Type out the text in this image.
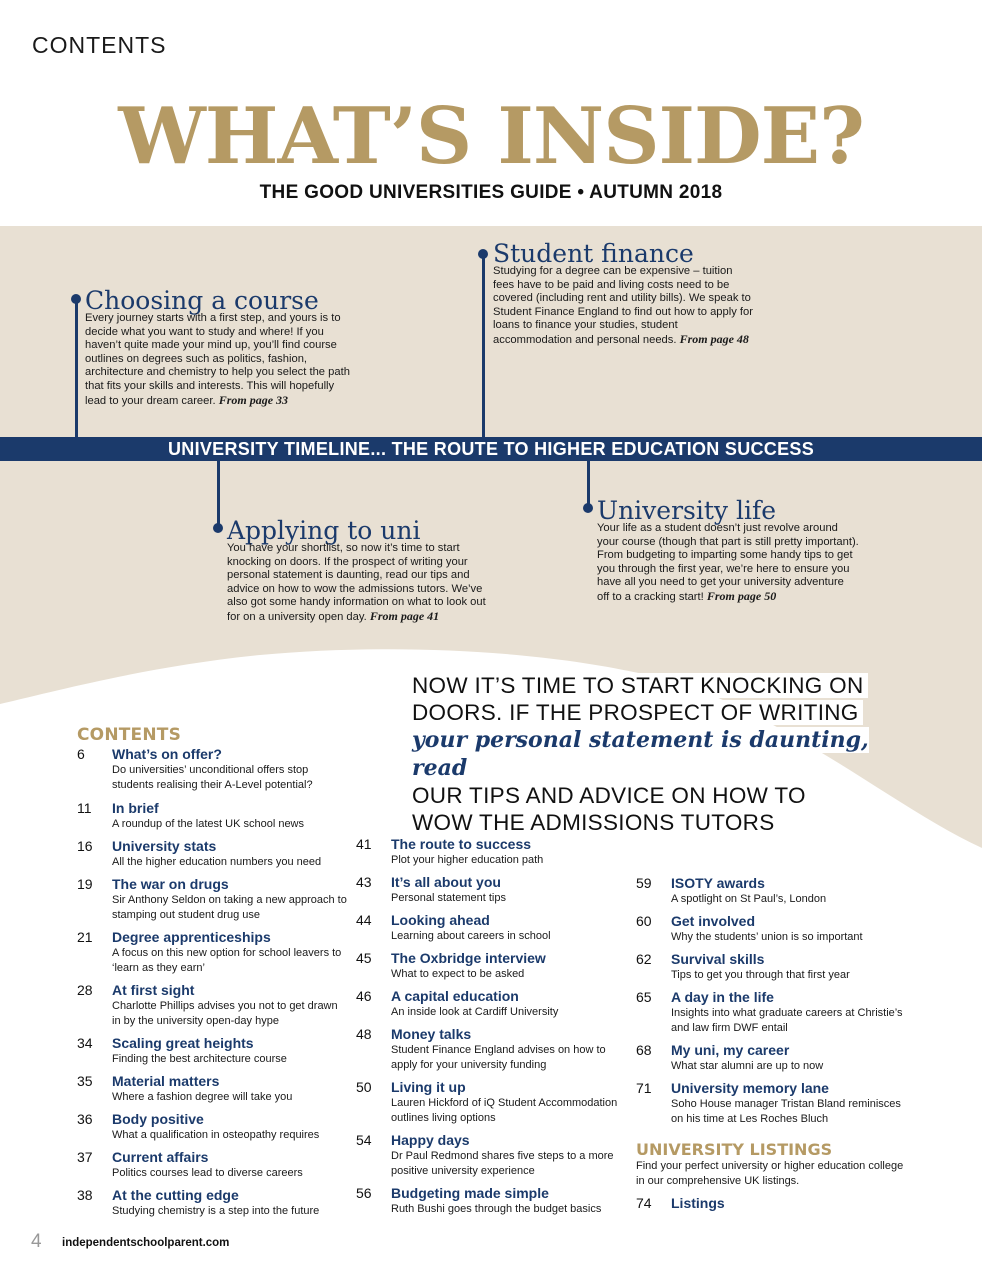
CONTENTS
WHAT’S INSIDE?
THE GOOD UNIVERSITIES GUIDE • AUTUMN 2018
Choosing a course
Every journey starts with a first step, and yours is to decide what you want to study and where! If you haven’t quite made your mind up, you’ll find course outlines on degrees such as politics, fashion, architecture and chemistry to help you select the path that fits your skills and interests. This will hopefully lead to your dream career. From page 33
Student finance
Studying for a degree can be expensive – tuition fees have to be paid and living costs need to be covered (including rent and utility bills). We speak to Student Finance England to find out how to apply for loans to finance your studies, student accommodation and personal needs. From page 48
UNIVERSITY TIMELINE... THE ROUTE TO HIGHER EDUCATION SUCCESS
Applying to uni
You have your shortlist, so now it’s time to start knocking on doors. If the prospect of writing your personal statement is daunting, read our tips and advice on how to wow the admissions tutors. We’ve also got some handy information on what to look out for on a university open day. From page 41
University life
Your life as a student doesn’t just revolve around your course (though that part is still pretty important). From budgeting to imparting some handy tips to get you through the first year, we’re here to ensure you have all you need to get your university adventure off to a cracking start! From page 50
NOW IT’S TIME TO START KNOCKING ON
DOORS. IF THE PROSPECT OF WRITING
your personal statement is daunting, read
OUR TIPS AND ADVICE ON HOW TO
WOW THE ADMISSIONS TUTORS
CONTENTS
6 What’s on offer?
Do universities’ unconditional offers stop students realising their A-Level potential?
11 In brief
A roundup of the latest UK school news
16 University stats
All the higher education numbers you need
19 The war on drugs
Sir Anthony Seldon on taking a new approach to stamping out student drug use
21 Degree apprenticeships
A focus on this new option for school leavers to ‘learn as they earn’
28 At first sight
Charlotte Phillips advises you not to get drawn in by the university open-day hype
34 Scaling great heights
Finding the best architecture course
35 Material matters
Where a fashion degree will take you
36 Body positive
What a qualification in osteopathy requires
37 Current affairs
Politics courses lead to diverse careers
38 At the cutting edge
Studying chemistry is a step into the future
41 The route to success
Plot your higher education path
43 It’s all about you
Personal statement tips
44 Looking ahead
Learning about careers in school
45 The Oxbridge interview
What to expect to be asked
46 A capital education
An inside look at Cardiff University
48 Money talks
Student Finance England advises on how to apply for your university funding
50 Living it up
Lauren Hickford of iQ Student Accommodation outlines living options
54 Happy days
Dr Paul Redmond shares five steps to a more positive university experience
56 Budgeting made simple
Ruth Bushi goes through the budget basics
59 ISOTY awards
A spotlight on St Paul’s, London
60 Get involved
Why the students’ union is so important
62 Survival skills
Tips to get you through that first year
65 A day in the life
Insights into what graduate careers at Christie’s and law firm DWF entail
68 My uni, my career
What star alumni are up to now
71 University memory lane
Soho House manager Tristan Bland reminisces on his time at Les Roches Bluch
UNIVERSITY LISTINGS
Find your perfect university or higher education college in our comprehensive UK listings.
74 Listings
4 independentschoolparent.com
